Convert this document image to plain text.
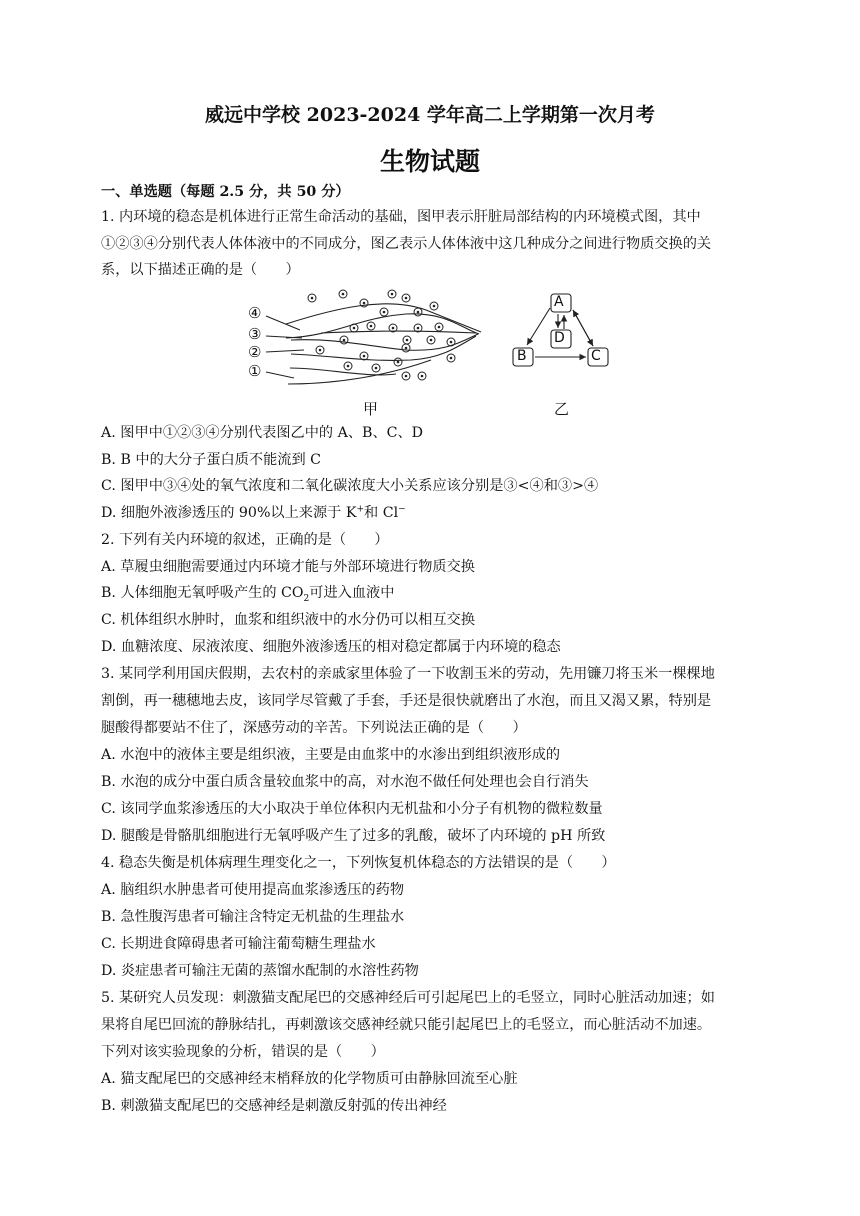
威远中学校 2023-2024 学年高二上学期第一次月考
生物试题
一、单选题（每题 2.5 分，共 50 分）
1. 内环境的稳态是机体进行正常生命活动的基础，图甲表示肝脏局部结构的内环境模式图，其中
①②③④分别代表人体体液中的不同成分，图乙表示人体体液中这几种成分之间进行物质交换的关
系，以下描述正确的是（　　）
④
③
②
①
A
D
B	C
甲	乙
A. 图甲中①②③④分别代表图乙中的 A、B、C、D
B. B 中的大分子蛋白质不能流到 C
C. 图甲中③④处的氧气浓度和二氧化碳浓度大小关系应该分别是③<④和③>④
D. 细胞外液渗透压的 90%以上来源于 K+和 Cl−
2. 下列有关内环境的叙述，正确的是（　　）
A. 草履虫细胞需要通过内环境才能与外部环境进行物质交换
B. 人体细胞无氧呼吸产生的 $CO_2$可进入血液中
C. 机体组织水肿时，血浆和组织液中的水分仍可以相互交换
D. 血糖浓度、尿液浓度、细胞外液渗透压的相对稳定都属于内环境的稳态
3. 某同学利用国庆假期，去农村的亲戚家里体验了一下收割玉米的劳动，先用镰刀将玉米一棵棵地
割倒，再一穗穗地去皮，该同学尽管戴了手套，手还是很快就磨出了水泡，而且又渴又累，特别是
腿酸得都要站不住了，深感劳动的辛苦。下列说法正确的是（　　）
A. 水泡中的液体主要是组织液，主要是由血浆中的水渗出到组织液形成的
B. 水泡的成分中蛋白质含量较血浆中的高，对水泡不做任何处理也会自行消失
C. 该同学血浆渗透压的大小取决于单位体积内无机盐和小分子有机物的微粒数量
D. 腿酸是骨骼肌细胞进行无氧呼吸产生了过多的乳酸，破坏了内环境的 pH 所致
4. 稳态失衡是机体病理生理变化之一，下列恢复机体稳态的方法错误的是（　　）
A. 脑组织水肿患者可使用提高血浆渗透压的药物
B. 急性腹泻患者可输注含特定无机盐的生理盐水
C. 长期进食障碍患者可输注葡萄糖生理盐水
D. 炎症患者可输注无菌的蒸馏水配制的水溶性药物
5. 某研究人员发现：刺激猫支配尾巴的交感神经后可引起尾巴上的毛竖立，同时心脏活动加速；如
果将自尾巴回流的静脉结扎，再刺激该交感神经就只能引起尾巴上的毛竖立，而心脏活动不加速。
下列对该实验现象的分析，错误的是（　　）
A. 猫支配尾巴的交感神经末梢释放的化学物质可由静脉回流至心脏
B. 刺激猫支配尾巴的交感神经是刺激反射弧的传出神经
